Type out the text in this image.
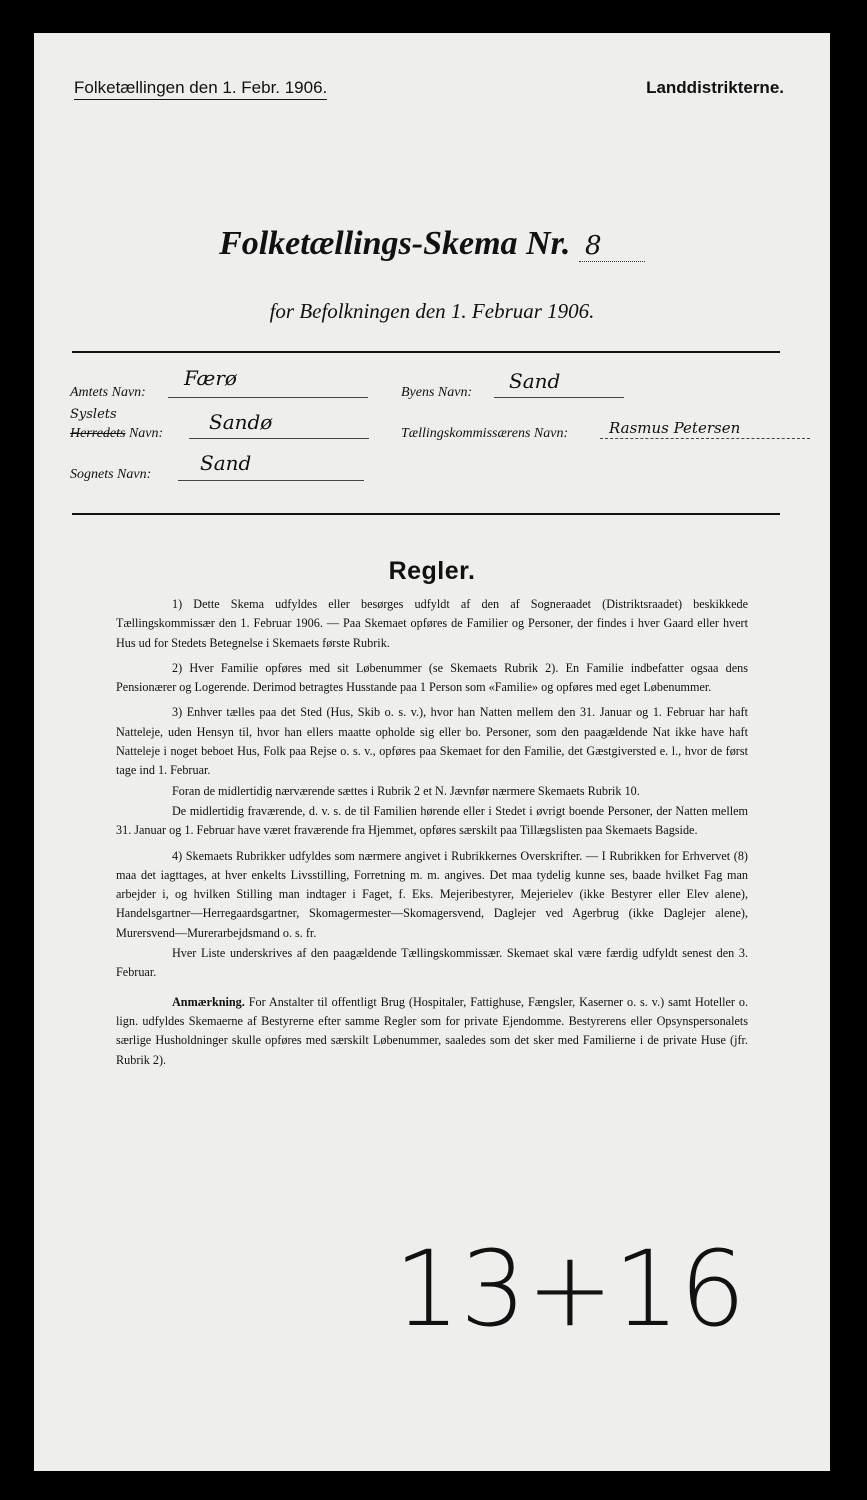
Folketællingen den 1. Febr. 1906.	Landdistrikterne.
Folketællings-Skema Nr. 8
for Befolkningen den 1. Februar 1906.
Amtets Navn:
Færø
Byens Navn: Sand
Syslets
Herredets Navn: Sandø	Tællingskommissærens Navn:	Rasmus Petersen
Sognets Navn: Sand
Regler.

1) Dette Skema udfyldes eller besørges udfyldt af den af Sogneraadet (Distriktsraadet) beskikkede Tællingskommissær den 1. Februar 1906. — Paa Skemaet opføres de Familier og Personer, der findes i hver Gaard eller hvert Hus ud for Stedets Betegnelse i Skemaets første Rubrik.

2) Hver Familie opføres med sit Løbenummer (se Skemaets Rubrik 2). En Familie indbefatter ogsaa dens Pensionærer og Logerende. Derimod betragtes Husstande paa 1 Person som «Familie» og opføres med eget Løbenummer.

3) Enhver tælles paa det Sted (Hus, Skib o. s. v.), hvor han Natten mellem den 31. Januar og 1. Februar har haft Natteleje, uden Hensyn til, hvor han ellers maatte opholde sig eller bo. Personer, som den paagældende Nat ikke have haft Natteleje i noget beboet Hus, Folk paa Rejse o. s. v., opføres paa Skemaet for den Familie, det Gæstgiversted e. l., hvor de først tage ind 1. Februar.

Foran de midlertidig nærværende sættes i Rubrik 2 et N. Jævnfør nærmere Skemaets Rubrik 10.

De midlertidig fraværende, d. v. s. de til Familien hørende eller i Stedet i øvrigt boende Personer, der Natten mellem 31. Januar og 1. Februar have været fraværende fra Hjemmet, opføres særskilt paa Tillægslisten paa Skemaets Bagside.

4) Skemaets Rubrikker udfyldes som nærmere angivet i Rubrikkernes Overskrifter. — I Rubrikken for Erhvervet (8) maa det iagttages, at hver enkelts Livsstilling, Forretning m. m. angives. Det maa tydelig kunne ses, baade hvilket Fag man arbejder i, og hvilken Stilling man indtager i Faget, f. Eks. Mejeribestyrer, Mejerielev (ikke Bestyrer eller Elev alene), Handelsgartner—Herregaardsgartner, Skomagermester—Skomagersvend, Daglejer ved Agerbrug (ikke Daglejer alene), Murersvend—Murerarbejdsmand o. s. fr.

Hver Liste underskrives af den paagældende Tællingskommissær. Skemaet skal være færdig udfyldt senest den 3. Februar.

Anmærkning. For Anstalter til offentligt Brug (Hospitaler, Fattighuse, Fængsler, Kaserner o. s. v.) samt Hoteller o. lign. udfyldes Skemaerne af Bestyrerne efter samme Regler som for private Ejendomme. Bestyrerens eller Opsynspersonalets særlige Husholdninger skulle opføres med særskilt Løbenummer, saaledes som det sker med Familierne i de private Huse (jfr. Rubrik 2).

13+16
